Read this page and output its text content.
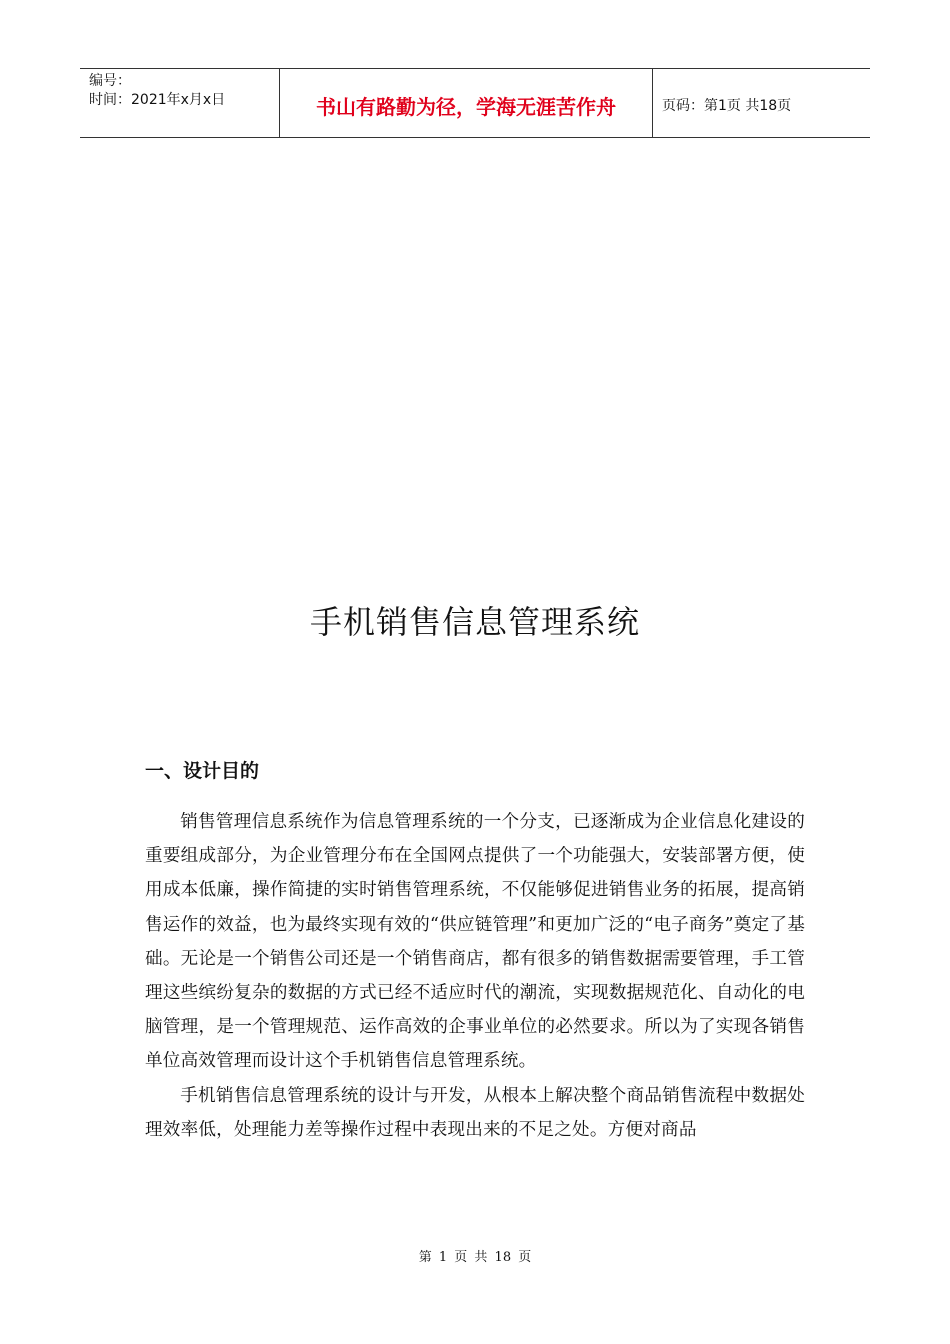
编号：
时间：2021年x月x日	书山有路勤为径，学海无涯苦作舟	页码：第1页 共18页
手机销售信息管理系统
一、设计目的

销售管理信息系统作为信息管理系统的一个分支，已逐渐成为企业信息化建设的重要组成部分，为企业管理分布在全国网点提供了一个功能强大，安装部署方便，使用成本低廉，操作简捷的实时销售管理系统，不仅能够促进销售业务的拓展，提高销售运作的效益，也为最终实现有效的“供应链管理”和更加广泛的“电子商务”奠定了基础。无论是一个销售公司还是一个销售商店，都有很多的销售数据需要管理，手工管理这些缤纷复杂的数据的方式已经不适应时代的潮流，实现数据规范化、自动化的电脑管理，是一个管理规范、运作高效的企事业单位的必然要求。所以为了实现各销售单位高效管理而设计这个手机销售信息管理系统。

手机销售信息管理系统的设计与开发，从根本上解决整个商品销售流程中数据处理效率低，处理能力差等操作过程中表现出来的不足之处。方便对商品

第 1 页 共 18 页
